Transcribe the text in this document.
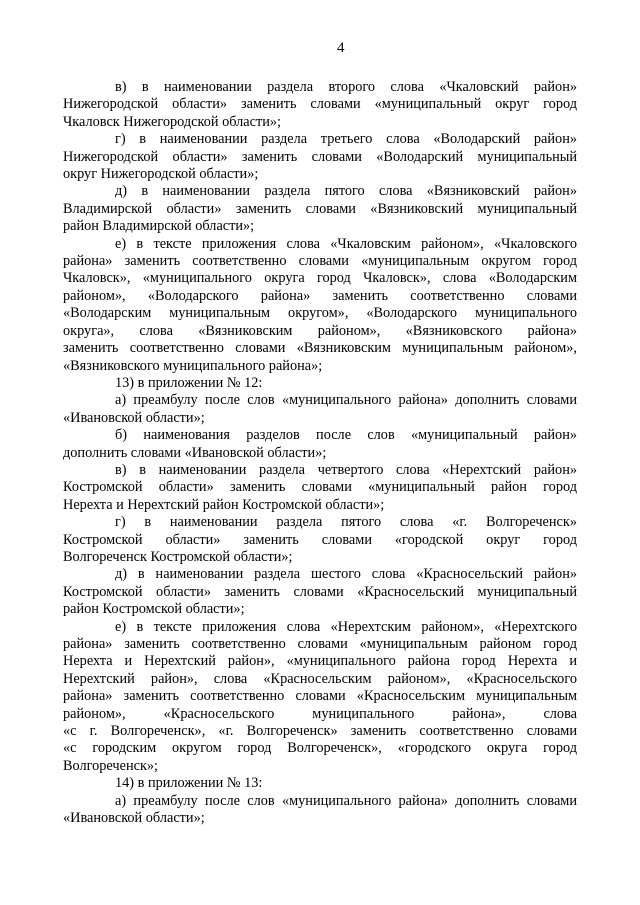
4
в) в наименовании раздела второго слова «Чкаловский район»
Нижегородской области» заменить словами «муниципальный округ город
Чкаловск Нижегородской области»;
г) в наименовании раздела третьего слова «Володарский район»
Нижегородской области» заменить словами «Володарский муниципальный
округ Нижегородской области»;
д) в наименовании раздела пятого слова «Вязниковский район»
Владимирской области» заменить словами «Вязниковский муниципальный
район Владимирской области»;
е) в тексте приложения слова «Чкаловским районом», «Чкаловского
района» заменить соответственно словами «муниципальным округом город
Чкаловск», «муниципального округа город Чкаловск», слова «Володарским
районом», «Володарского района» заменить соответственно словами
«Володарским муниципальным округом», «Володарского муниципального
округа», слова «Вязниковским районом», «Вязниковского района»
заменить соответственно словами «Вязниковским муниципальным районом»,
«Вязниковского муниципального района»;
13) в приложении № 12:
а) преамбулу после слов «муниципального района» дополнить словами
«Ивановской области»;
б) наименования разделов после слов «муниципальный район»
дополнить словами «Ивановской области»;
в) в наименовании раздела четвертого слова «Нерехтский район»
Костромской области» заменить словами «муниципальный район город
Нерехта и Нерехтский район Костромской области»;
г) в наименовании раздела пятого слова «г. Волгореченск»
Костромской области» заменить словами «городской округ город
Волгореченск Костромской области»;
д) в наименовании раздела шестого слова «Красносельский район»
Костромской области» заменить словами «Красносельский муниципальный
район Костромской области»;
е) в тексте приложения слова «Нерехтским районом», «Нерехтского
района» заменить соответственно словами «муниципальным районом город
Нерехта и Нерехтский район», «муниципального района город Нерехта и
Нерехтский район», слова «Красносельским районом», «Красносельского
района» заменить соответственно словами «Красносельским муниципальным
районом», «Красносельского муниципального района», слова
«с г. Волгореченск», «г. Волгореченск» заменить соответственно словами
«с городским округом город Волгореченск», «городского округа город
Волгореченск»;
14) в приложении № 13:
а) преамбулу после слов «муниципального района» дополнить словами
«Ивановской области»;
